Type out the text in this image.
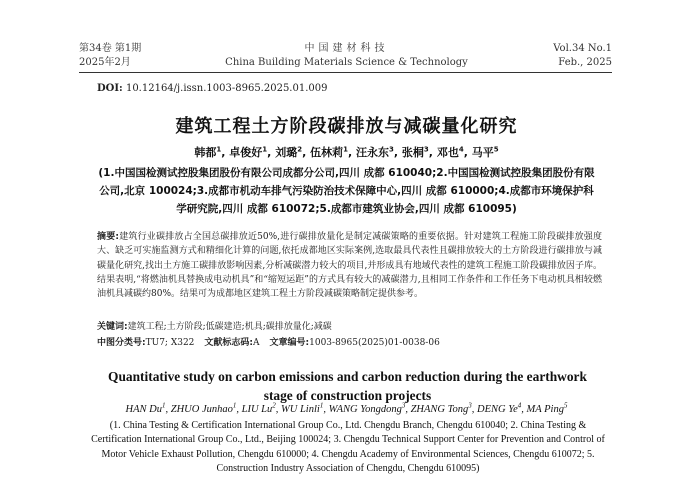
第34卷 第1期
2025年2月
中国建材科技
China Building Materials Science & Technology
Vol.34 No.1
Feb., 2025
DOI: 10.12164/j.issn.1003-8965.2025.01.009
建筑工程土方阶段碳排放与减碳量化研究
韩都$^1$, 卓俊好$^1$, 刘璐$^2$, 伍林莉$^1$, 汪永东$^3$, 张桐$^3$, 邓也$^4$, 马平$^5$
(1.中国国检测试控股集团股份有限公司成都分公司,四川 成都 610040;2.中国国检测试控股集团股份有限公司,北京 100024;3.成都市机动车排气污染防治技术保障中心,四川 成都 610000;4.成都市环境保护科学研究院,四川 成都 610072;5.成都市建筑业协会,四川 成都 610095)
摘要:建筑行业碳排放占全国总碳排放近50%,进行碳排放量化是制定减碳策略的重要依据。针对建筑工程施工阶段碳排放强度大、缺乏可实施监测方式和精细化计算的问题,依托成都地区实际案例,选取最具代表性且碳排放较大的土方阶段进行碳排放与减碳量化研究,找出土方施工碳排放影响因素,分析减碳潜力较大的项目,并形成具有地域代表性的建筑工程施工阶段碳排放因子库。结果表明,“将燃油机具替换成电动机具”和“缩短运距”的方式具有较大的减碳潜力,且相同工作条件和工作任务下电动机具相较燃油机具减碳约80%。结果可为成都地区建筑工程土方阶段减碳策略制定提供参考。
关键词:建筑工程;土方阶段;低碳建造;机具;碳排放量化;减碳
中图分类号:TU7; X322 文献标志码:A 文章编号:1003-8965(2025)01-0038-06
Quantitative study on carbon emissions and carbon reduction during the earthwork stage of construction projects
HAN Du$^1$, ZHUO Junhao$^1$, LIU Lu$^2$, WU Linli$^1$, WANG Yongdong$^3$, ZHANG Tong$^3$, DENG Ye$^4$, MA Ping$^5$
(1. China Testing & Certification International Group Co., Ltd. Chengdu Branch, Chengdu 610040; 2. China Testing & Certification International Group Co., Ltd., Beijing 100024; 3. Chengdu Technical Support Center for Prevention and Control of Motor Vehicle Exhaust Pollution, Chengdu 610000; 4. Chengdu Academy of Environmental Sciences, Chengdu 610072; 5. Construction Industry Association of Chengdu, Chengdu 610095)
